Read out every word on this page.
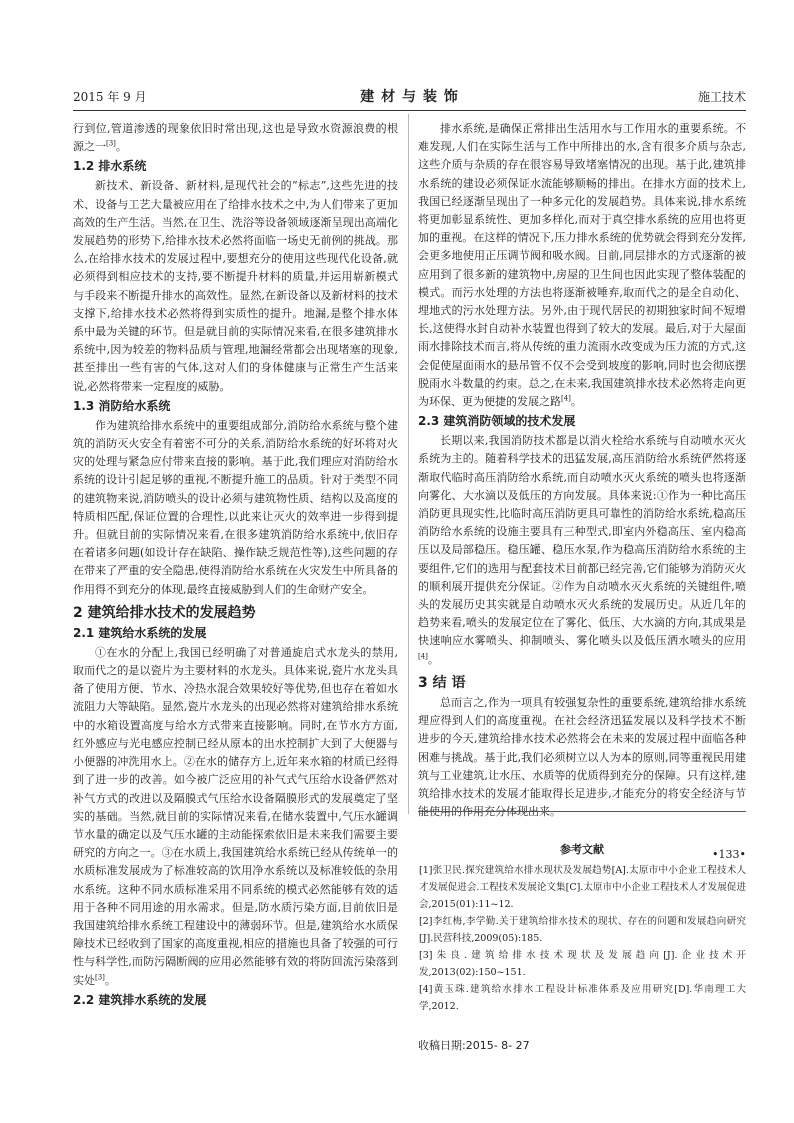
2015 年 9 月	建 材 与 装 饰	施工技术

行到位,管道渗透的现象依旧时常出现,这也是导致水资源浪费的根源之一[3]。

1.2 排水系统

新技术、新设备、新材料,是现代社会的“标志”,这些先进的技术、设备与工艺大量被应用在了给排水技术之中,为人们带来了更加高效的生产生活。当然,在卫生、洗浴等设备领域逐渐呈现出高端化发展趋势的形势下,给排水技术必然将面临一场史无前例的挑战。那么,在给排水技术的发展过程中,要想充分的使用这些现代化设备,就必须得到相应技术的支持,要不断提升材料的质量,并运用崭新模式与手段来不断提升排水的高效性。显然,在新设备以及新材料的技术支撑下,给排水技术必然将得到实质性的提升。地漏,是整个排水体系中最为关键的环节。但是就目前的实际情况来看,在很多建筑排水系统中,因为较差的物料品质与管理,地漏经常都会出现堵塞的现象,甚至排出一些有害的气体,这对人们的身体健康与正常生产生活来说,必然将带来一定程度的威胁。

1.3 消防给水系统

作为建筑给排水系统中的重要组成部分,消防给水系统与整个建筑的消防灭火安全有着密不可分的关系,消防给水系统的好坏将对火灾的处理与紧急应付带来直接的影响。基于此,我们理应对消防给水系统的设计引起足够的重视,不断提升施工的品质。针对于类型不同的建筑物来说,消防喷头的设计必须与建筑物性质、结构以及高度的特质相匹配,保证位置的合理性,以此来让灭火的效率进一步得到提升。但就目前的实际情况来看,在很多建筑消防给水系统中,依旧存在着诸多问题(如设计存在缺陷、操作缺乏规范性等),这些问题的存在带来了严重的安全隐患,使得消防给水系统在火灾发生中所具备的作用得不到充分的体现,最终直接威胁到人们的生命财产安全。

2 建筑给排水技术的发展趋势
2.1 建筑给水系统的发展

①在水的分配上,我国已经明确了对普通旋启式水龙头的禁用,取而代之的是以瓷片为主要材料的水龙头。具体来说,瓷片水龙头具备了使用方便、节水、冷热水混合效果较好等优势,但也存在着如水流阻力大等缺陷。显然,瓷片水龙头的出现必然将对建筑给排水系统中的水箱设置高度与给水方式带来直接影响。同时,在节水方方面,红外感应与光电感应控制已经从原本的出水控制扩大到了大便器与小便器的冲洗用水上。②在水的储存方上,近年来水箱的材质已经得到了进一步的改善。如今被广泛应用的补气式气压给水设备俨然对补气方式的改进以及隔膜式气压给水设备隔膜形式的发展奠定了坚实的基础。当然,就目前的实际情况来看,在储水装置中,气压水罐调节水量的确定以及气压水罐的主动能探索依旧是未来我们需要主要研究的方向之一。③在水质上,我国建筑给水系统已经从传统单一的水质标准发展成为了标准较高的饮用净水系统以及标准较低的杂用水系统。这种不同水质标准采用不同系统的模式必然能够有效的适用于各种不同用途的用水需求。但是,防水质污染方面,目前依旧是我国建筑给排水系统工程建设中的薄弱环节。但是,建筑给水水质保障技术已经收到了国家的高度重视,相应的措施也具备了较强的可行性与科学性,而防污隔断阀的应用必然能够有效的将防回流污染落到实处[3]。

2.2 建筑排水系统的发展

排水系统,是确保正常排出生活用水与工作用水的重要系统。不难发现,人们在实际生活与工作中所排出的水,含有很多介质与杂志,这些介质与杂质的存在很容易导致堵塞情况的出现。基于此,建筑排水系统的建设必须保证水流能够顺畅的排出。在排水方面的技术上,我国已经逐渐呈现出了一种多元化的发展趋势。具体来说,排水系统将更加彰显系统性、更加多样化,而对于真空排水系统的应用也将更加的重视。在这样的情况下,压力排水系统的优势就会得到充分发挥,会更多地使用正压调节阀和吸水阀。目前,同层排水的方式逐渐的被应用到了很多新的建筑物中,房屋的卫生间也因此实现了整体装配的模式。而污水处理的方法也将逐渐被唾弃,取而代之的是全自动化、埋地式的污水处理方法。另外,由于现代居民的初期独家时间不短增长,这使得水封自动补水装置也得到了较大的发展。最后,对于大屋面雨水排除技术而言,将从传统的重力流雨水改变成为压力流的方式,这会促使屋面雨水的悬吊管不仅不会受到坡度的影响,同时也会彻底摆脱雨水斗数量的约束。总之,在未来,我国建筑排水技术必然将走向更为环保、更为便捷的发展之路[4]。

2.3 建筑消防领域的技术发展

长期以来,我国消防技术都是以消火栓给水系统与自动喷水灭火系统为主的。随着科学技术的迅猛发展,高压消防给水系统俨然将逐渐取代临时高压消防给水系统,而自动喷水灭火系统的喷头也将逐渐向雾化、大水滴以及低压的方向发展。具体来说:①作为一种比高压消防更具现实性,比临时高压消防更具可靠性的消防给水系统,稳高压消防给水系统的设施主要具有三种型式,即室内外稳高压、室内稳高压以及局部稳压。稳压罐、稳压水泵,作为稳高压消防给水系统的主要组件,它们的选用与配套技术目前都已经完善,它们能够为消防灭火的顺利展开提供充分保证。②作为自动喷水灭火系统的关键组件,喷头的发展历史其实就是自动喷水灭火系统的发展历史。从近几年的趋势来看,喷头的发展定位在了雾化、低压、大水滴的方向,其成果是快速响应水雾喷头、抑制喷头、雾化喷头以及低压洒水喷头的应用[4]。

3 结 语

总而言之,作为一项具有较强复杂性的重要系统,建筑给排水系统理应得到人们的高度重视。在社会经济迅猛发展以及科学技术不断进步的今天,建筑给排水技术必然将会在未来的发展过程中面临各种困难与挑战。基于此,我们必须树立以人为本的原则,同等重视民用建筑与工业建筑,让水压、水质等的优质得到充分的保障。只有这样,建筑给排水技术的发展才能取得长足进步,才能充分的将安全经济与节能使用的作用充分体现出来。

参考文献

[1]张卫民.探究建筑给水排水现状及发展趋势[A].太原市中小企业工程技术人才发展促进会.工程技术发展论文集[C].太原市中小企业工程技术人才发展促进会,2015(01):11~12.

[2]李红梅,李学勤.关于建筑给排水技术的现状、存在的问题和发展趋向研究[J].民营科技,2009(05):185.

[3]朱良.建筑给排水技术现状及发展趋向[J].企业技术开发,2013(02):150~151.

[4]黄玉珠.建筑给水排水工程设计标准体系及应用研究[D].华南理工大学,2012.

收稿日期:2015- 8- 27
•133•
